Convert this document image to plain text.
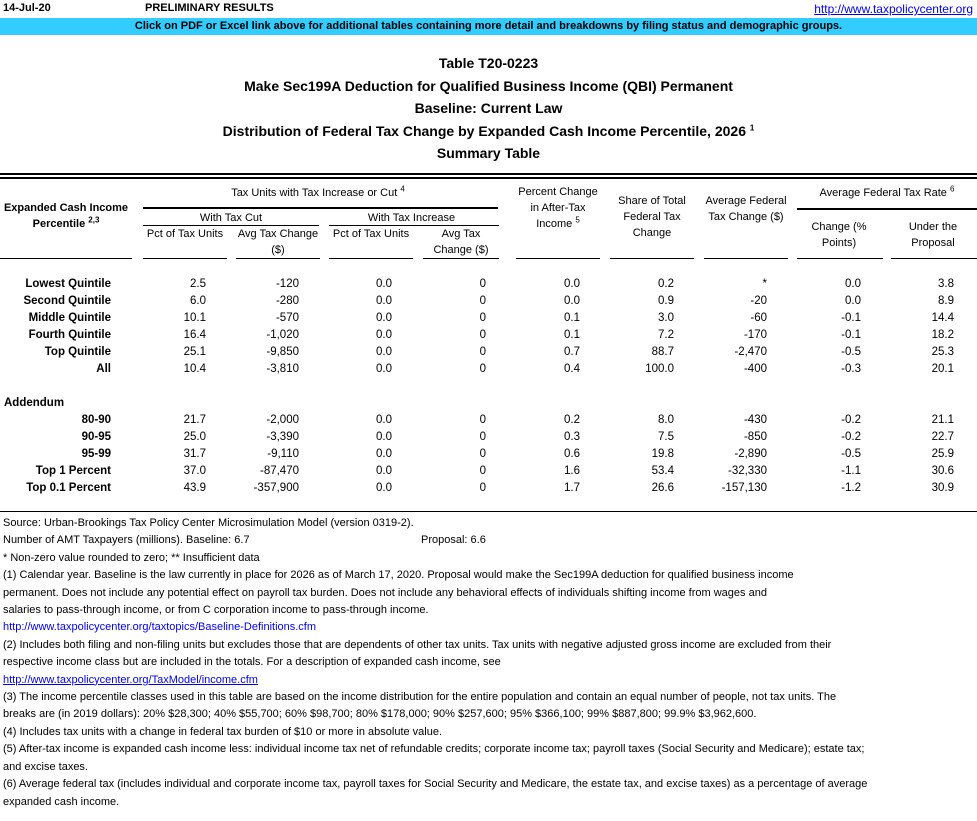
14-Jul-20	PRELIMINARY RESULTS	http://www.taxpolicycenter.org
Click on PDF or Excel link above for additional tables containing more detail and breakdowns by filing status and demographic groups.
Table T20-0223
Make Sec199A Deduction for Qualified Business Income (QBI) Permanent
Baseline: Current Law
Distribution of Federal Tax Change by Expanded Cash Income Percentile, 2026 $^1$
Summary Table
Expanded Cash Income Percentile $^{2,3}$
Tax Units with Tax Increase or Cut $^4$
With Tax Cut	With Tax Increase
Pct of Tax Units	Avg Tax Change ($)
Pct of Tax Units	Avg Tax Change ($)
Percent Change in After-Tax Income $^5$
Share of Total Federal Tax Change
Average Federal Tax Change ($)
Average Federal Tax Rate $^6$
Change (% Points)
Under the Proposal
Lowest Quintile	2.5	-120	0.0	0	0.0	0.2	*	0.0	3.8
Second Quintile	6.0	-280	0.0	0	0.0	0.9	-20	0.0	8.9
Middle Quintile	10.1	-570	0.0	0	0.1	3.0	-60	-0.1	14.4
Fourth Quintile	16.4	-1,020	0.0	0	0.1	7.2	-170	-0.1	18.2
Top Quintile	25.1	-9,850	0.0	0	0.7	88.7	-2,470	-0.5	25.3
All	10.4	-3,810	0.0	0	0.4	100.0	-400	-0.3	20.1
Addendum
80-90	21.7	-2,000	0.0	0	0.2	8.0	-430	-0.2	21.1
90-95	25.0	-3,390	0.0	0	0.3	7.5	-850	-0.2	22.7
95-99	31.7	-9,110	0.0	0	0.6	19.8	-2,890	-0.5	25.9
Top 1 Percent	37.0	-87,470	0.0	0	1.6	53.4	-32,330	-1.1	30.6
Top 0.1 Percent	43.9	-357,900	0.0	0	1.7	26.6	-157,130	-1.2	30.9
Source: Urban-Brookings Tax Policy Center Microsimulation Model (version 0319-2).
Number of AMT Taxpayers (millions). Baseline: 6.7	Proposal: 6.6
* Non-zero value rounded to zero; ** Insufficient data
(1) Calendar year. Baseline is the law currently in place for 2026 as of March 17, 2020. Proposal would make the Sec199A deduction for qualified business income
permanent. Does not include any potential effect on payroll tax burden. Does not include any behavioral effects of individuals shifting income from wages and
salaries to pass-through income, or from C corporation income to pass-through income.
http://www.taxpolicycenter.org/taxtopics/Baseline-Definitions.cfm
(2) Includes both filing and non-filing units but excludes those that are dependents of other tax units. Tax units with negative adjusted gross income are excluded from their
respective income class but are included in the totals. For a description of expanded cash income, see
http://www.taxpolicycenter.org/TaxModel/income.cfm
(3) The income percentile classes used in this table are based on the income distribution for the entire population and contain an equal number of people, not tax units. The
breaks are (in 2019 dollars): 20% $28,300; 40% $55,700; 60% $98,700; 80% $178,000; 90% $257,600; 95% $366,100; 99% $887,800; 99.9% $3,962,600.
(4) Includes tax units with a change in federal tax burden of $10 or more in absolute value.
(5) After-tax income is expanded cash income less: individual income tax net of refundable credits; corporate income tax; payroll taxes (Social Security and Medicare); estate tax;
and excise taxes.
(6) Average federal tax (includes individual and corporate income tax, payroll taxes for Social Security and Medicare, the estate tax, and excise taxes) as a percentage of average
expanded cash income.
